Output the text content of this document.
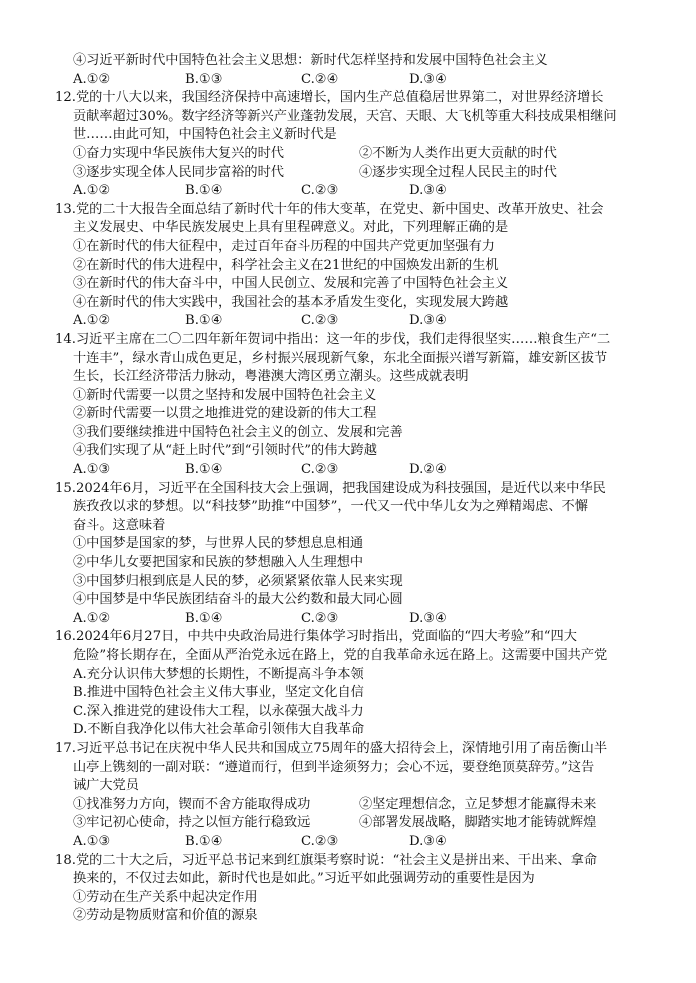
④习近平新时代中国特色社会主义思想：新时代怎样坚持和发展中国特色社会主义
A.①②	B.①③	C.②④	D.③④
12.党的十八大以来，我国经济保持中高速增长，国内生产总值稳居世界第二，对世界经济增长
贡献率超过30%。数字经济等新兴产业蓬勃发展，天宫、天眼、大飞机等重大科技成果相继问
世……由此可知，中国特色社会主义新时代是
①奋力实现中华民族伟大复兴的时代	②不断为人类作出更大贡献的时代
③逐步实现全体人民同步富裕的时代	④逐步实现全过程人民民主的时代
A.①②	B.①④	C.②③	D.③④
13.党的二十大报告全面总结了新时代十年的伟大变革，在党史、新中国史、改革开放史、社会
主义发展史、中华民族发展史上具有里程碑意义。对此，下列理解正确的是
①在新时代的伟大征程中，走过百年奋斗历程的中国共产党更加坚强有力
②在新时代的伟大进程中，科学社会主义在21世纪的中国焕发出新的生机
③在新时代的伟大奋斗中，中国人民创立、发展和完善了中国特色社会主义
④在新时代的伟大实践中，我国社会的基本矛盾发生变化，实现发展大跨越
A.①②	B.①④	C.②③	D.③④
14.习近平主席在二〇二四年新年贺词中指出：这一年的步伐，我们走得很坚实……粮食生产“二
十连丰”，绿水青山成色更足，乡村振兴展现新气象，东北全面振兴谱写新篇，雄安新区拔节
生长，长江经济带活力脉动，粤港澳大湾区勇立潮头。这些成就表明
①新时代需要一以贯之坚持和发展中国特色社会主义
②新时代需要一以贯之地推进党的建设新的伟大工程
③我们要继续推进中国特色社会主义的创立、发展和完善
④我们实现了从“赶上时代”到“引领时代”的伟大跨越
A.①③	B.①④	C.②③	D.②④
15.2024年6月，习近平在全国科技大会上强调，把我国建设成为科技强国，是近代以来中华民
族孜孜以求的梦想。以“科技梦”助推“中国梦”，一代又一代中华儿女为之殚精竭虑、不懈
奋斗。这意味着
①中国梦是国家的梦，与世界人民的梦想息息相通
②中华儿女要把国家和民族的梦想融入人生理想中
③中国梦归根到底是人民的梦，必须紧紧依靠人民来实现
④中国梦是中华民族团结奋斗的最大公约数和最大同心圆
A.①②	B.①④	C.②③	D.③④
16.2024年6月27日，中共中央政治局进行集体学习时指出，党面临的“四大考验”和“四大
危险”将长期存在，全面从严治党永远在路上，党的自我革命永远在路上。这需要中国共产党
A.充分认识伟大梦想的长期性，不断提高斗争本领
B.推进中国特色社会主义伟大事业，坚定文化自信
C.深入推进党的建设伟大工程，以永葆强大战斗力
D.不断自我净化以伟大社会革命引领伟大自我革命
17.习近平总书记在庆祝中华人民共和国成立75周年的盛大招待会上，深情地引用了南岳衡山半
山亭上镌刻的一副对联：“遵道而行，但到半途须努力；会心不远，要登绝顶莫辞劳。”这告
诫广大党员
①找准努力方向，锲而不舍方能取得成功	②坚定理想信念，立足梦想才能赢得未来
③牢记初心使命，持之以恒方能行稳致远	④部署发展战略，脚踏实地才能铸就辉煌
A.①③	B.①④	C.②③	D.③④
18.党的二十大之后，习近平总书记来到红旗渠考察时说：“社会主义是拼出来、干出来、拿命
换来的，不仅过去如此，新时代也是如此。”习近平如此强调劳动的重要性是因为
①劳动在生产关系中起决定作用
②劳动是物质财富和价值的源泉
